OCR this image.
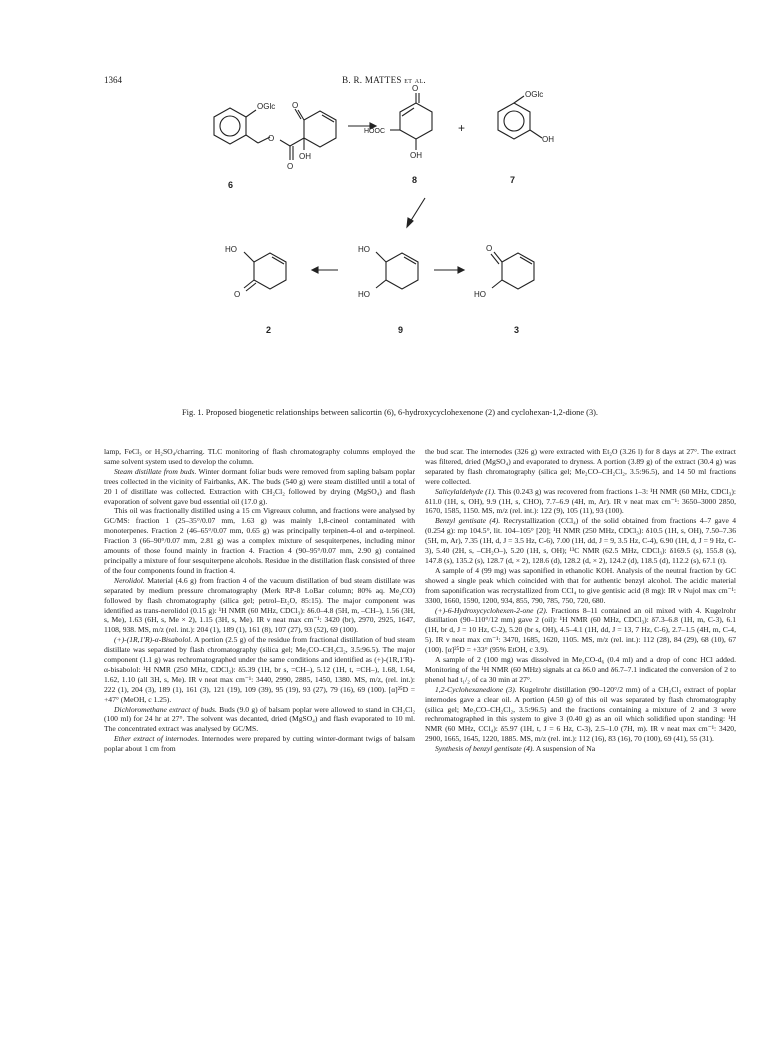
1364	B. R. MATTES et al.
OGlc O
OH
O
O
O
HOOC
OH
+
OGlc
OH
6	8	7
HO
O
HO
HO
O
HO
2	9	3
Fig. 1. Proposed biogenetic relationships between salicortin (6), 6-hydroxycyclohexenone (2) and cyclohexan-1,2-dione (3).

lamp, FeCl₃ or H₂SO₄/charring. TLC monitoring of flash chromatography columns employed the same solvent system used to develop the column.

Steam distillate from buds. Winter dormant foliar buds were removed from sapling balsam poplar trees collected in the vicinity of Fairbanks, AK. The buds (540 g) were steam distilled until a total of 20 l of distillate was collected. Extraction with CH₂Cl₂ followed by drying (MgSO₄) and flash evaporation of solvent gave bud essential oil (17.0 g).

This oil was fractionally distilled using a 15 cm Vigreaux column, and fractions were analysed by GC/MS: fraction 1 (25–35°/0.07 mm, 1.63 g) was mainly 1,8-cineol contaminated with monoterpenes. Fraction 2 (46–65°/0.07 mm, 0.65 g) was principally terpinen-4-ol and α-terpineol. Fraction 3 (66–90°/0.07 mm, 2.81 g) was a complex mixture of sesquiterpenes, including minor amounts of those found mainly in fraction 4. Fraction 4 (90–95°/0.07 mm, 2.90 g) contained principally a mixture of four sesquiterpene alcohols. Residue in the distillation flask consisted of three of the four components found in fraction 4.

Nerolidol. Material (4.6 g) from fraction 4 of the vacuum distillation of bud steam distillate was separated by medium pressure chromatography (Merk RP-8 LoBar column; 80% aq. Me₂CO) followed by flash chromatography (silica gel; petrol–Et₂O, 85:15). The major component was identified as trans-nerolidol (0.15 g): ¹H NMR (60 MHz, CDCl₃): δ6.0–4.8 (5H, m, –CH–), 1.56 (3H, s, Me), 1.63 (6H, s, Me × 2), 1.15 (3H, s, Me). IR ν neat max cm⁻¹: 3420 (br), 2970, 2925, 1647, 1108, 938. MS, m/z (rel. int.): 204 (1), 189 (1), 161 (8), 107 (27), 93 (52), 69 (100).

(+)-(1R,1′R)-α-Bisabolol. A portion (2.5 g) of the residue from fractional distillation of bud steam distillate was separated by flash chromatography (silica gel; Me₂CO–CH₂Cl₂, 3.5:96.5). The major component (1.1 g) was rechromatographed under the same conditions and identified as (+)-(1R,1′R)-α-bisabolol: ¹H NMR (250 MHz, CDCl₃): δ5.39 (1H, br s, =CH–), 5.12 (1H, t, =CH–), 1.68, 1.64, 1.62, 1.10 (all 3H, s, Me). IR ν neat max cm⁻¹: 3440, 2990, 2885, 1450, 1380. MS, m/z, (rel. int.): 222 (1), 204 (3), 189 (1), 161 (3), 121 (19), 109 (39), 95 (19), 93 (27), 79 (16), 69 (100). [α]²⁵D = +47° (MeOH, c 1.25).

Dichloromethane extract of buds. Buds (9.0 g) of balsam poplar were allowed to stand in CH₂Cl₂ (100 ml) for 24 hr at 27°. The solvent was decanted, dried (MgSO₄) and flash evaporated to 10 ml. The concentrated extract was analysed by GC/MS.

Ether extract of internodes. Internodes were prepared by cutting winter-dormant twigs of balsam poplar about 1 cm from

the bud scar. The internodes (326 g) were extracted with Et₂O (3.26 l) for 8 days at 27°. The extract was filtered, dried (MgSO₄) and evaporated to dryness. A portion (3.89 g) of the extract (30.4 g) was separated by flash chromatography (silica gel; Me₂CO–CH₂Cl₂, 3.5:96.5), and 14 50 ml fractions were collected.

Salicylaldehyde (1). This (0.243 g) was recovered from fractions 1–3: ¹H NMR (60 MHz, CDCl₃): δ11.0 (1H, s, OH), 9.9 (1H, s, CHO), 7.7–6.9 (4H, m, Ar). IR ν neat max cm⁻¹: 3650–3000 2850, 1670, 1585, 1150. MS, m/z (rel. int.): 122 (9), 105 (11), 93 (100).

Benzyl gentisate (4). Recrystallization (CCl₄) of the solid obtained from fractions 4–7 gave 4 (0.254 g): mp 104.5°, lit. 104–105° [20]; ¹H NMR (250 MHz, CDCl₃): δ10.5 (1H, s, OH), 7.50–7.36 (5H, m, Ar), 7.35 (1H, d, J = 3.5 Hz, C-6), 7.00 (1H, dd, J = 9, 3.5 Hz, C-4), 6.90 (1H, d, J = 9 Hz, C-3), 5.40 (2H, s, –CH₂O–), 5.20 (1H, s, OH); ¹³C NMR (62.5 MHz, CDCl₃): δ169.5 (s), 155.8 (s), 147.8 (s), 135.2 (s), 128.7 (d, × 2), 128.6 (d), 128.2 (d, × 2), 124.2 (d), 118.5 (d), 112.2 (s), 67.1 (t).

A sample of 4 (99 mg) was saponified in ethanolic KOH. Analysis of the neutral fraction by GC showed a single peak which coincided with that for authentic benzyl alcohol. The acidic material from saponification was recrystallized from CCl₄ to give gentisic acid (8 mg): IR ν Nujol max cm⁻¹: 3300, 1660, 1590, 1200, 934, 855, 790, 785, 750, 720, 680.

(+)-6-Hydroxycyclohexen-2-one (2). Fractions 8–11 contained an oil mixed with 4. Kugelrohr distillation (90–110°/12 mm) gave 2 (oil): ¹H NMR (60 MHz, CDCl₃): δ7.3–6.8 (1H, m, C-3), 6.1 (1H, br d, J = 10 Hz, C-2), 5.20 (br s, OH), 4.5–4.1 (1H, dd, J = 13, 7 Hz, C-6), 2.7–1.5 (4H, m, C-4, 5). IR ν neat max cm⁻¹: 3470, 1685, 1620, 1105. MS, m/z (rel. int.): 112 (28), 84 (29), 68 (10), 67 (100). [α]²⁵D = +33° (95% EtOH, c 3.9).

A sample of 2 (100 mg) was dissolved in Me₂CO-d₆ (0.4 ml) and a drop of conc HCl added. Monitoring of the ¹H NMR (60 MHz) signals at ca δ6.0 and δ6.7–7.1 indicated the conversion of 2 to phenol had t₁/₂ of ca 30 min at 27°.

1,2-Cyclohexanedione (3). Kugelrohr distillation (90–120°/2 mm) of a CH₂Cl₂ extract of poplar internodes gave a clear oil. A portion (4.50 g) of this oil was separated by flash chromatography (silica gel; Me₂CO–CH₂Cl₂, 3.5:96.5) and the fractions containing a mixture of 2 and 3 were rechromatographed in this system to give 3 (0.40 g) as an oil which solidified upon standing: ¹H NMR (60 MHz, CCl₄): δ5.97 (1H, t, J = 6 Hz, C-3), 2.5–1.0 (7H, m). IR ν neat max cm⁻¹: 3420, 2900, 1665, 1645, 1220, 1885. MS, m/z (rel. int.): 112 (16), 83 (16), 70 (100), 69 (41), 55 (31).

Synthesis of benzyl gentisate (4). A suspension of Na
